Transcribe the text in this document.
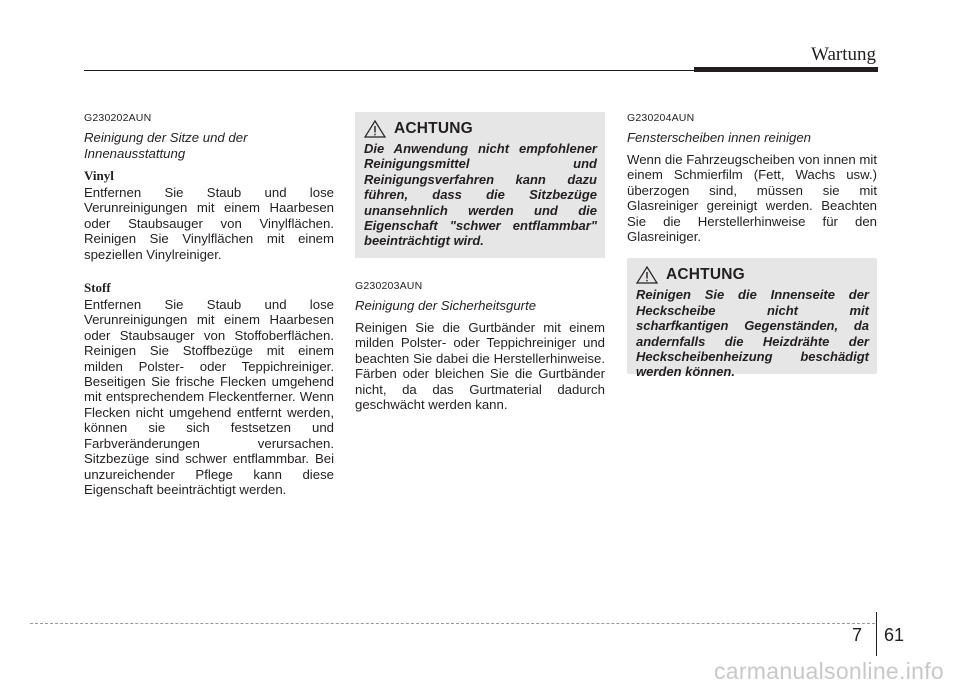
Wartung

G230202AUN

Reinigung der Sitze und der
Innenausstattung

Vinyl

Entfernen Sie Staub und lose Verunreinigungen mit einem Haarbesen oder Staubsauger von Vinylflächen. Reinigen Sie Vinylflächen mit einem speziellen Vinylreiniger.

Stoff

Entfernen Sie Staub und lose Verunreinigungen mit einem Haarbesen oder Staubsauger von Stoffoberflächen. Reinigen Sie Stoffbezüge mit einem milden Polster- oder Teppichreiniger. Beseitigen Sie frische Flecken umgehend mit entsprechendem Fleckentferner. Wenn Flecken nicht umgehend entfernt werden, können sie sich festsetzen und Farbveränderungen verursachen. Sitzbezüge sind schwer entflammbar. Bei unzureichender Pflege kann diese Eigenschaft beeinträchtigt werden.

ACHTUNG

Die Anwendung nicht empfohlener Reinigungsmittel und Reinigungsverfahren kann dazu führen, dass die Sitzbezüge unansehnlich werden und die Eigenschaft "schwer entflammbar" beeinträchtigt wird.

G230203AUN

Reinigung der Sicherheitsgurte

Reinigen Sie die Gurtbänder mit einem milden Polster- oder Teppichreiniger und beachten Sie dabei die Herstellerhinweise. Färben oder bleichen Sie die Gurtbänder nicht, da das Gurtmaterial dadurch geschwächt werden kann.

G230204AUN

Fensterscheiben innen reinigen

Wenn die Fahrzeugscheiben von innen mit einem Schmierfilm (Fett, Wachs usw.) überzogen sind, müssen sie mit Glasreiniger gereinigt werden. Beachten Sie die Herstellerhinweise für den Glasreiniger.

ACHTUNG

Reinigen Sie die Innenseite der Heckscheibe nicht mit scharfkantigen Gegenständen, da andernfalls die Heizdrähte der Heckscheibenheizung beschädigt werden können.

7 61
carmanualsonline.info
